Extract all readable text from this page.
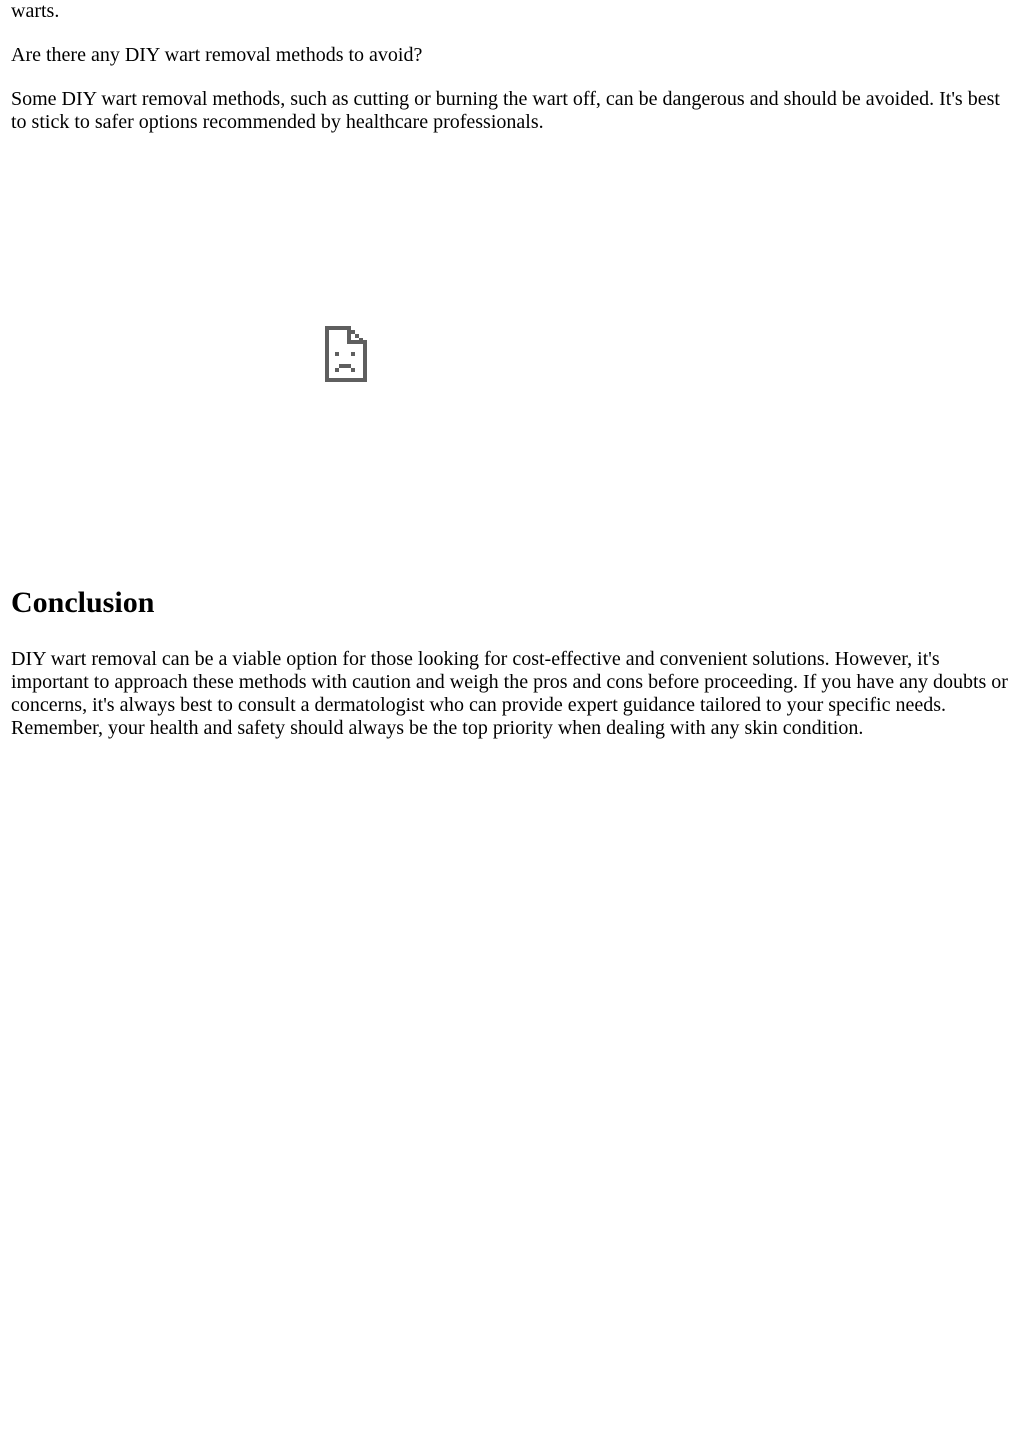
warts.

Are there any DIY wart removal methods to avoid?

Some DIY wart removal methods, such as cutting or burning the wart off, can be dangerous and should be avoided. It's best to stick to safer options recommended by healthcare professionals.

Conclusion

DIY wart removal can be a viable option for those looking for cost-effective and convenient solutions. However, it's important to approach these methods with caution and weigh the pros and cons before proceeding. If you have any doubts or concerns, it's always best to consult a dermatologist who can provide expert guidance tailored to your specific needs. Remember, your health and safety should always be the top priority when dealing with any skin condition.
